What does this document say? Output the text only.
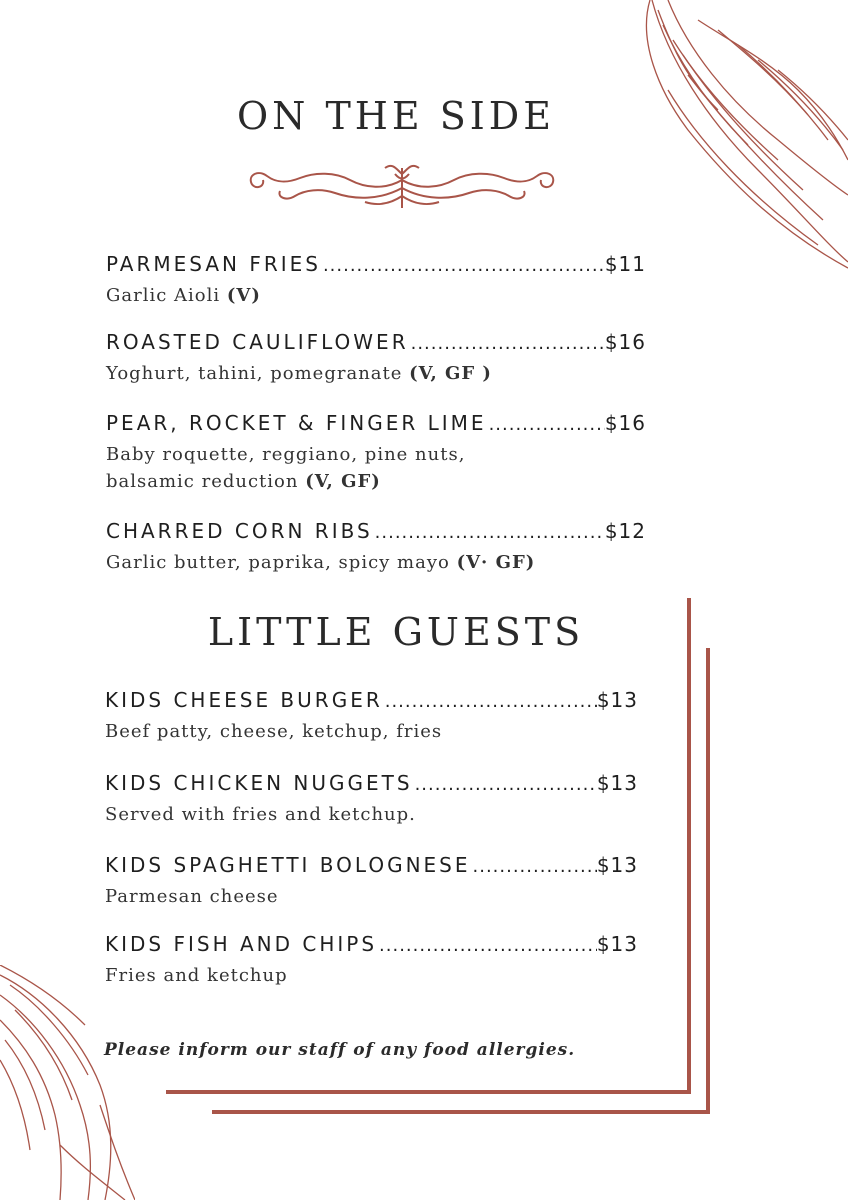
ON THE SIDE
PARMESAN FRIES .....	$11
Garlic Aioli (V)
ROASTED CAULIFLOWER .....	$16
Yoghurt, tahini, pomegranate (V, GF )
PEAR, ROCKET & FINGER LIME .....	$16
Baby roquette, reggiano, pine nuts,
balsamic reduction (V, GF)
CHARRED CORN RIBS .....	$12
Garlic butter, paprika, spicy mayo (V· GF)
LITTLE GUESTS
KIDS CHEESE BURGER .....	$13
Beef patty, cheese, ketchup, fries
KIDS CHICKEN NUGGETS .....	$13
Served with fries and ketchup.
KIDS SPAGHETTI BOLOGNESE .....	$13
Parmesan cheese
KIDS FISH AND CHIPS .....	$13
Fries and ketchup
Please inform our staff of any food allergies.
